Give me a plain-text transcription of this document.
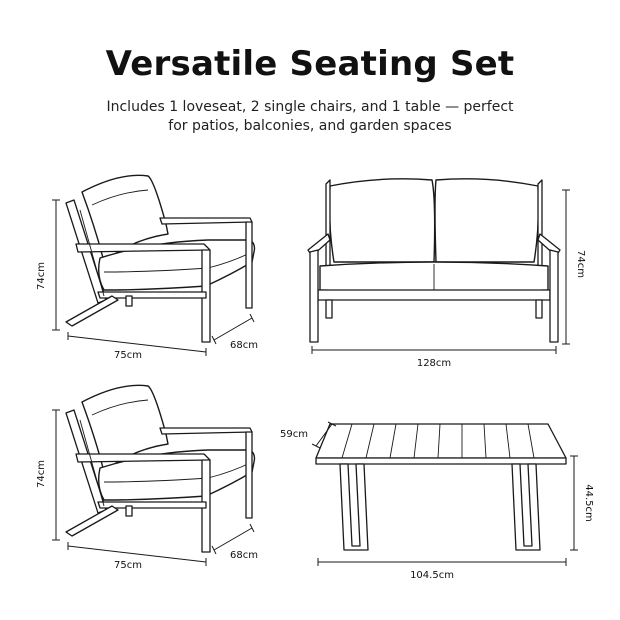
Versatile Seating Set
Includes 1 loveseat, 2 single chairs, and 1 table — perfect for patios, balconies, and garden spaces
74cm
75cm
68cm
128cm
74cm
74cm
75cm
68cm
59cm
44.5cm
104.5cm
